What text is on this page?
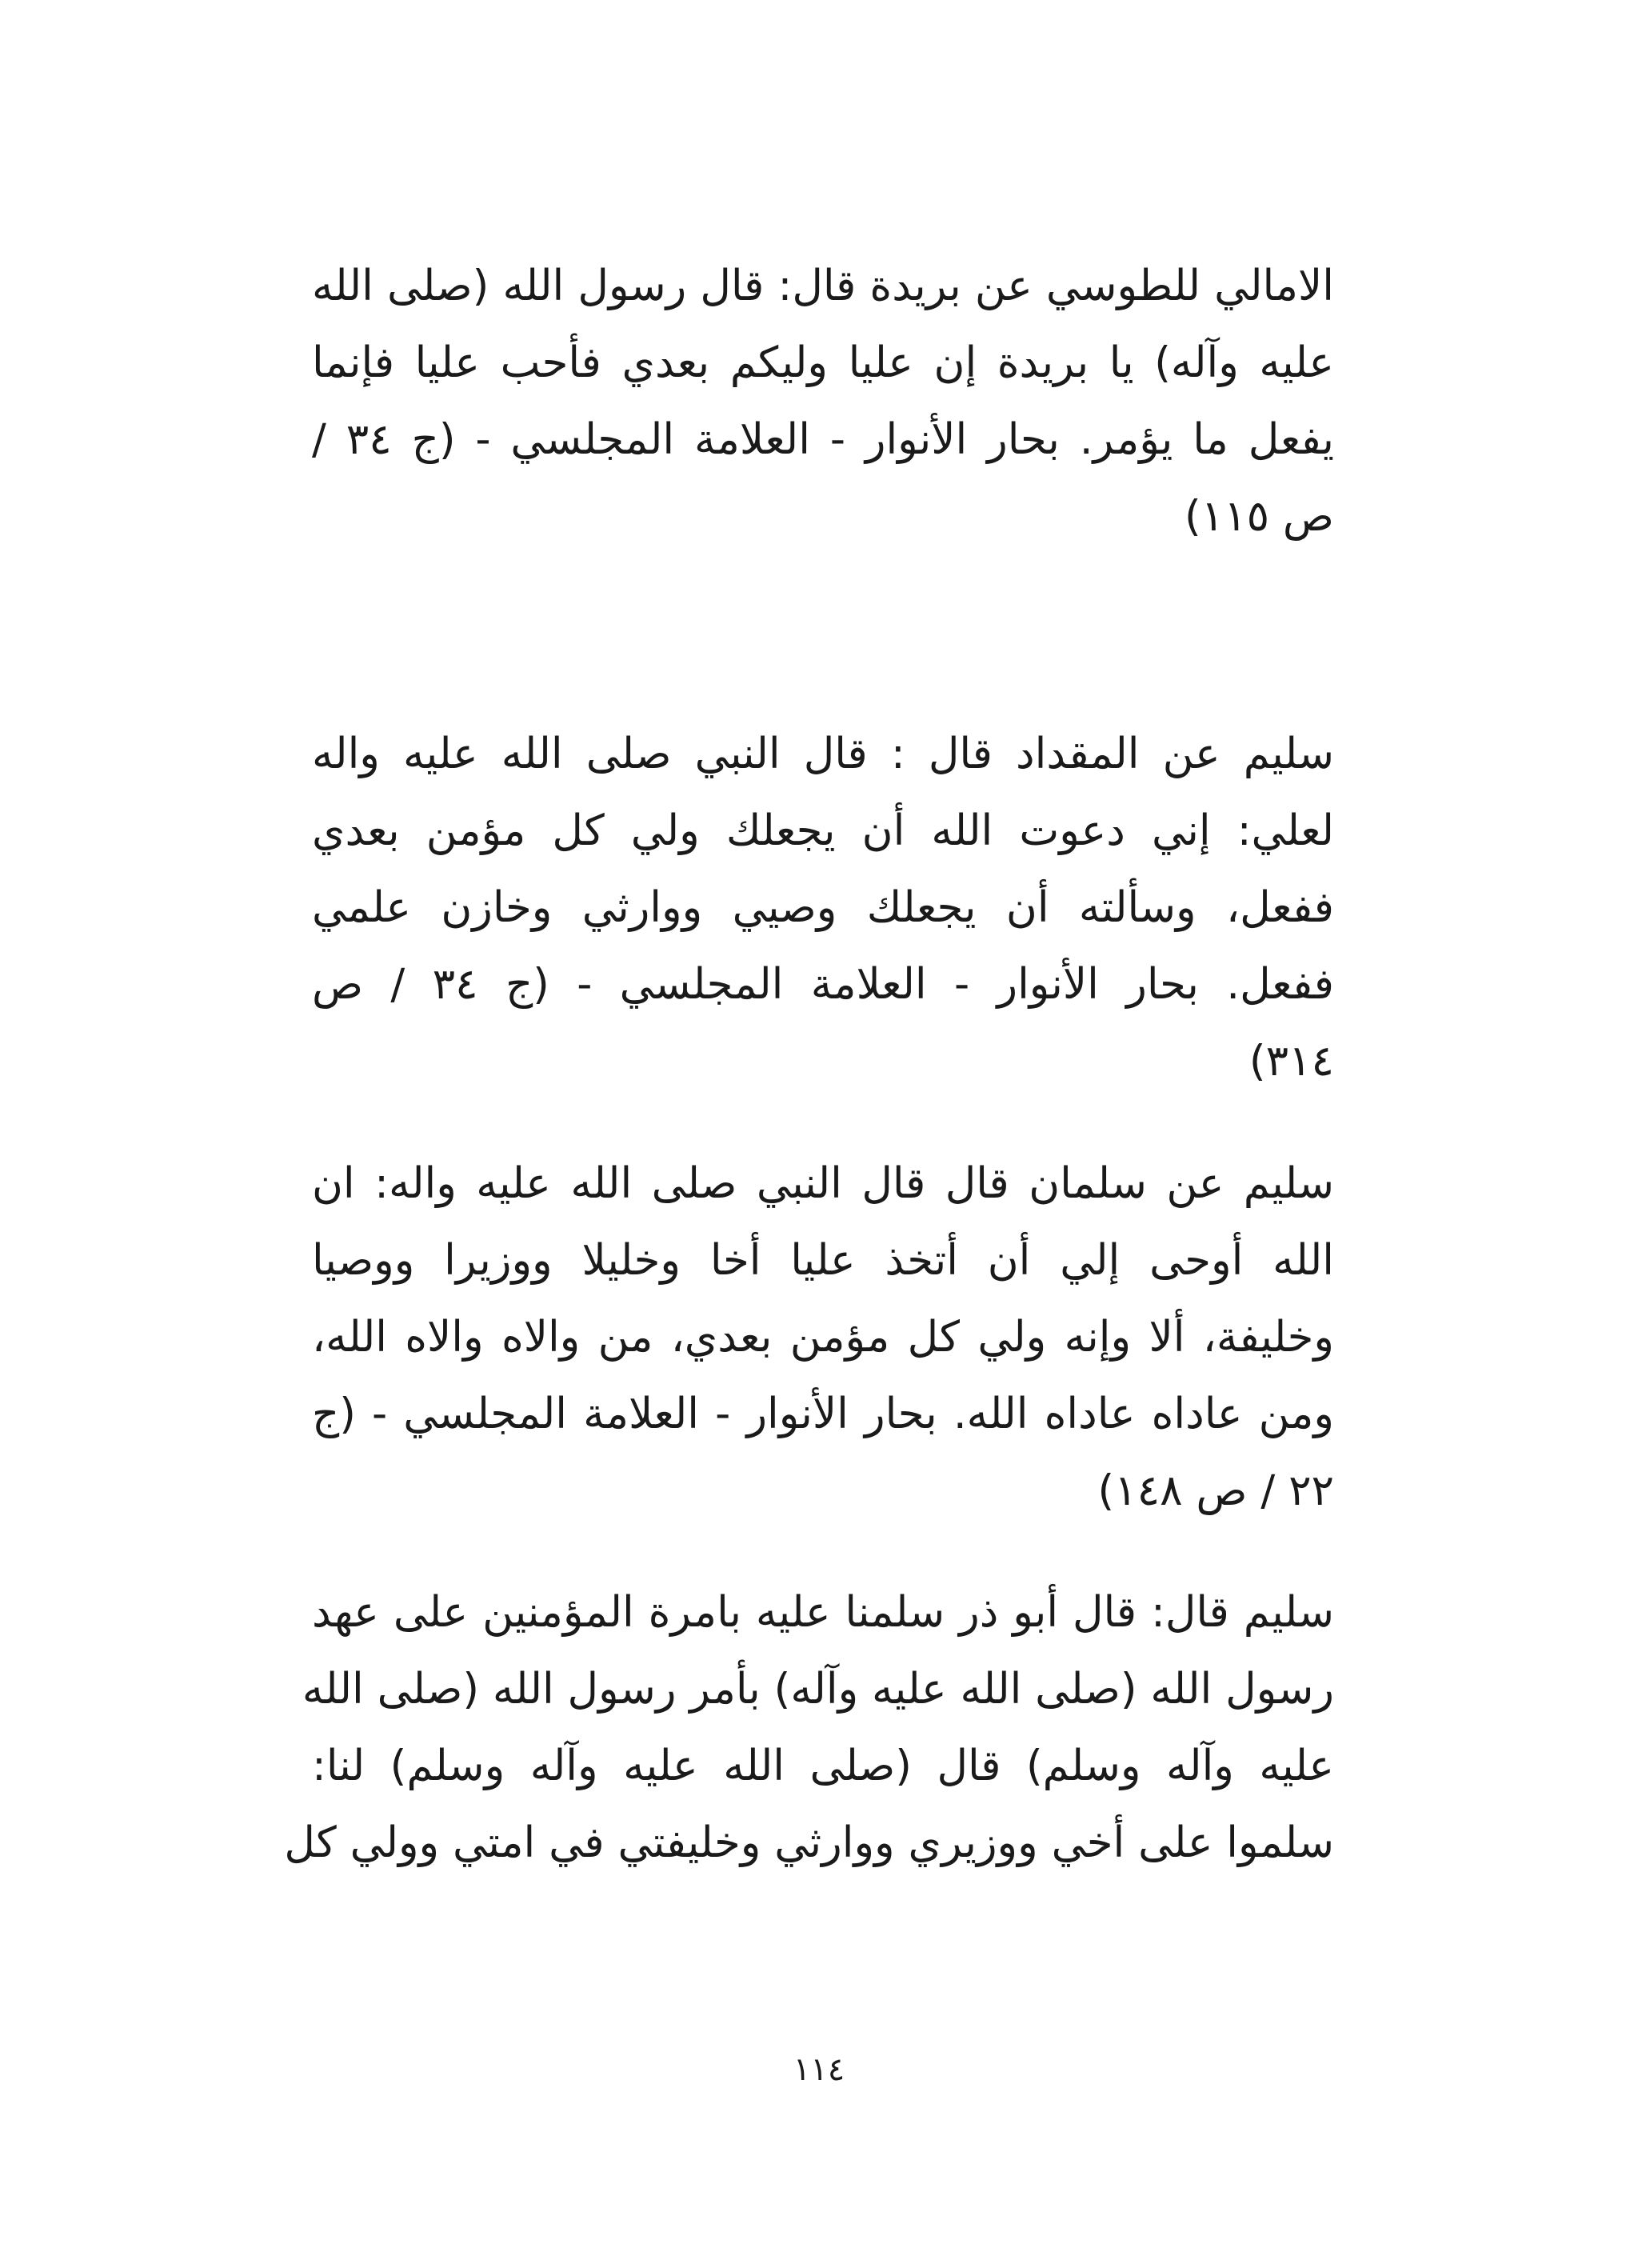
الامالي للطوسي عن بريدة قال: قال رسول الله (صلى الله
عليه وآله) يا بريدة إن عليا وليكم بعدي فأحب عليا فإنما
يفعل ما يؤمر. بحار الأنوار - العلامة المجلسي - (ج ٣٤ /
ص ١١٥)
سليم عن المقداد قال : قال النبي صلى الله عليه واله
لعلي: إني دعوت الله أن يجعلك ولي كل مؤمن بعدي
ففعل، وسألته أن يجعلك وصيي ووارثي وخازن علمي
ففعل. بحار الأنوار - العلامة المجلسي - (ج ٣٤ / ص
٣١٤)
سليم عن سلمان قال قال النبي صلى الله عليه واله: ان
الله أوحى إلي أن أتخذ عليا أخا وخليلا ووزيرا ووصيا
وخليفة، ألا وإنه ولي كل مؤمن بعدي، من والاه والاه الله،
ومن عاداه عاداه الله. بحار الأنوار - العلامة المجلسي - (ج
٢٢ / ص ١٤٨)
سليم قال: قال أبو ذر سلمنا عليه بامرة المؤمنين على عهد
رسول الله (صلى الله عليه وآله) بأمر رسول الله (صلى الله
عليه وآله وسلم) قال (صلى الله عليه وآله وسلم) لنا:
سلموا على أخي ووزيري ووارثي وخليفتي في امتي وولي كل
١١٤
